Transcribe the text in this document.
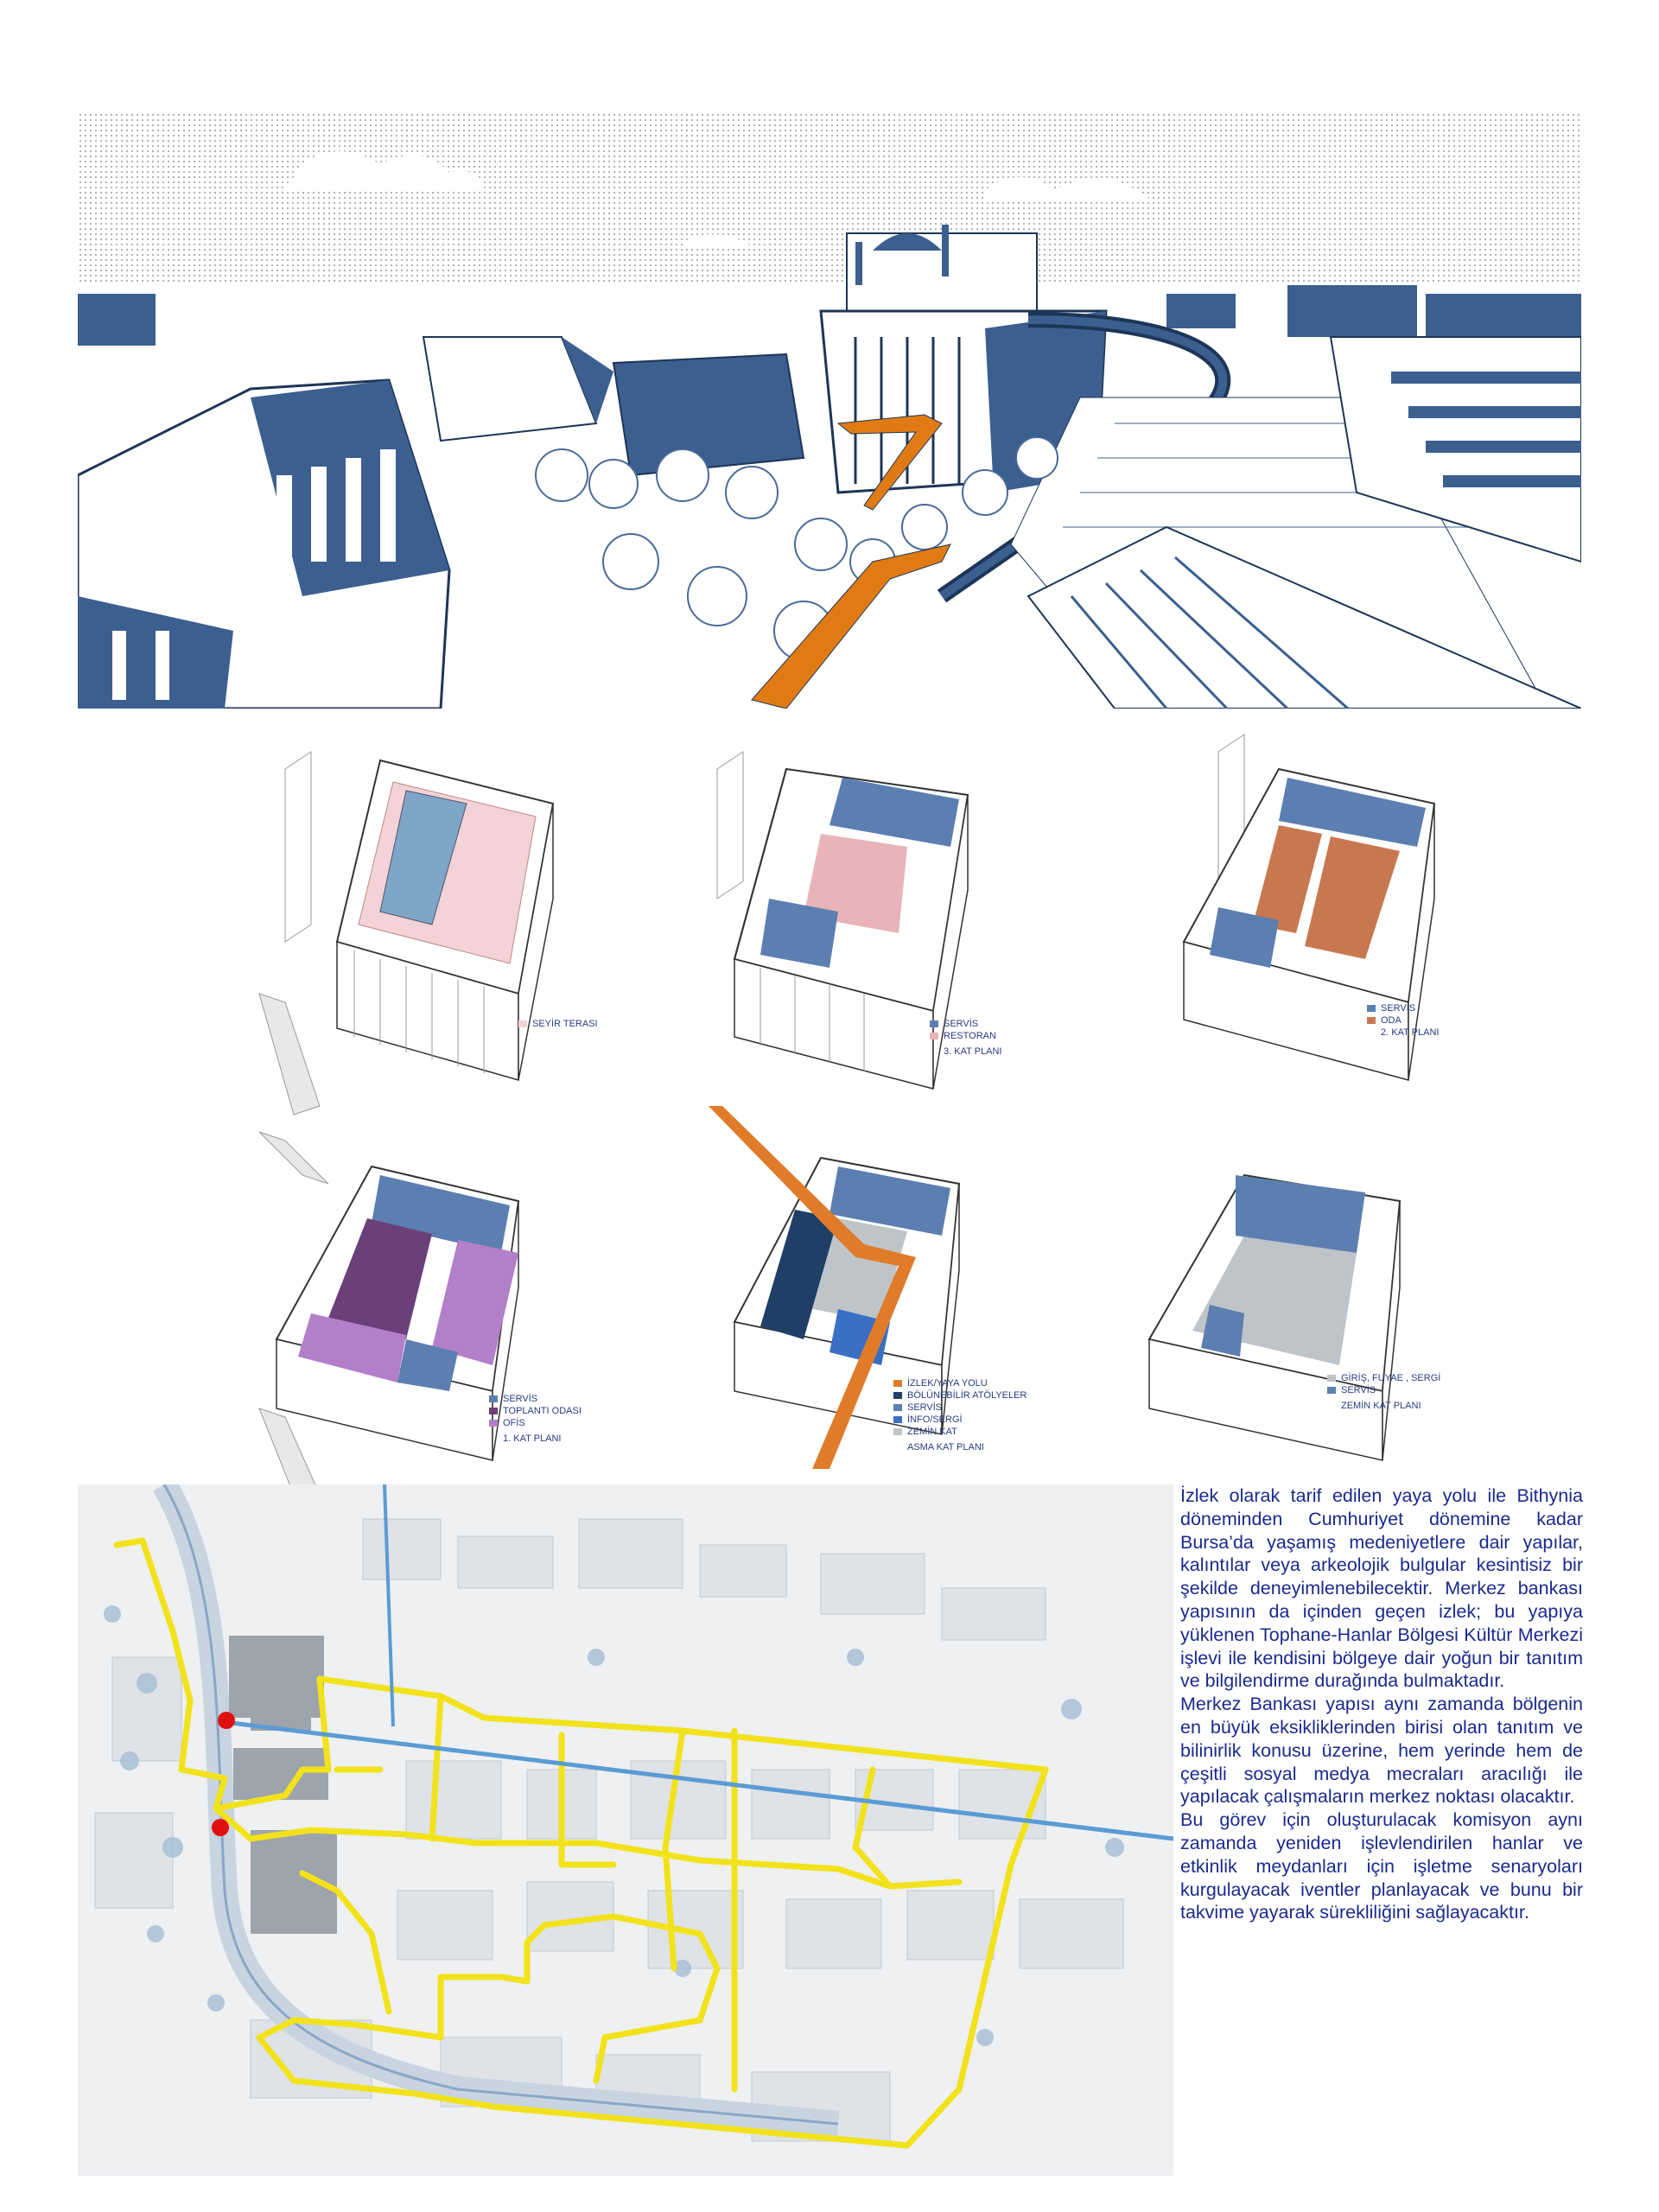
SEYİR TERASI	SERVİS
RESTORAN
3. KAT PLANI
SERVİS
ODA
2. KAT PLANI
SERVİS
TOPLANTI ODASI
OFİS
1. KAT PLANI
İZLEK/YAYA YOLU
BÖLÜNEBİLİR ATÖLYELER
SERVİS
İNFO/SERGİ
ZEMİN KAT
ASMA KAT PLANI
GİRİŞ, FUYAE , SERGİ
SERVİS
ZEMİN KAT PLANI

İzlek olarak tarif edilen yaya yolu ile Bithynia döneminden Cumhuriyet dönemine kadar Bursa’da yaşamış medeniyetlere dair yapılar, kalıntılar veya arkeolojik bulgular kesintisiz bir şekilde deneyimlenebilecektir. Merkez bankası yapısının da içinden geçen izlek; bu yapıya yüklenen Tophane-Hanlar Bölgesi Kültür Merkezi işlevi ile kendisini bölgeye dair yoğun bir tanıtım ve bilgilendirme durağında bulmaktadır.

Merkez Bankası yapısı aynı zamanda bölgenin en büyük eksikliklerinden birisi olan tanıtım ve bilinirlik konusu üzerine, hem yerinde hem de çeşitli sosyal medya mecraları aracılığı ile yapılacak çalışmaların merkez noktası olacaktır.

Bu görev için oluşturulacak komisyon aynı zamanda yeniden işlevlendirilen hanlar ve etkinlik meydanları için işletme senaryoları kurgulayacak iventler planlayacak ve bunu bir takvime yayarak sürekliliğini sağlayacaktır.
